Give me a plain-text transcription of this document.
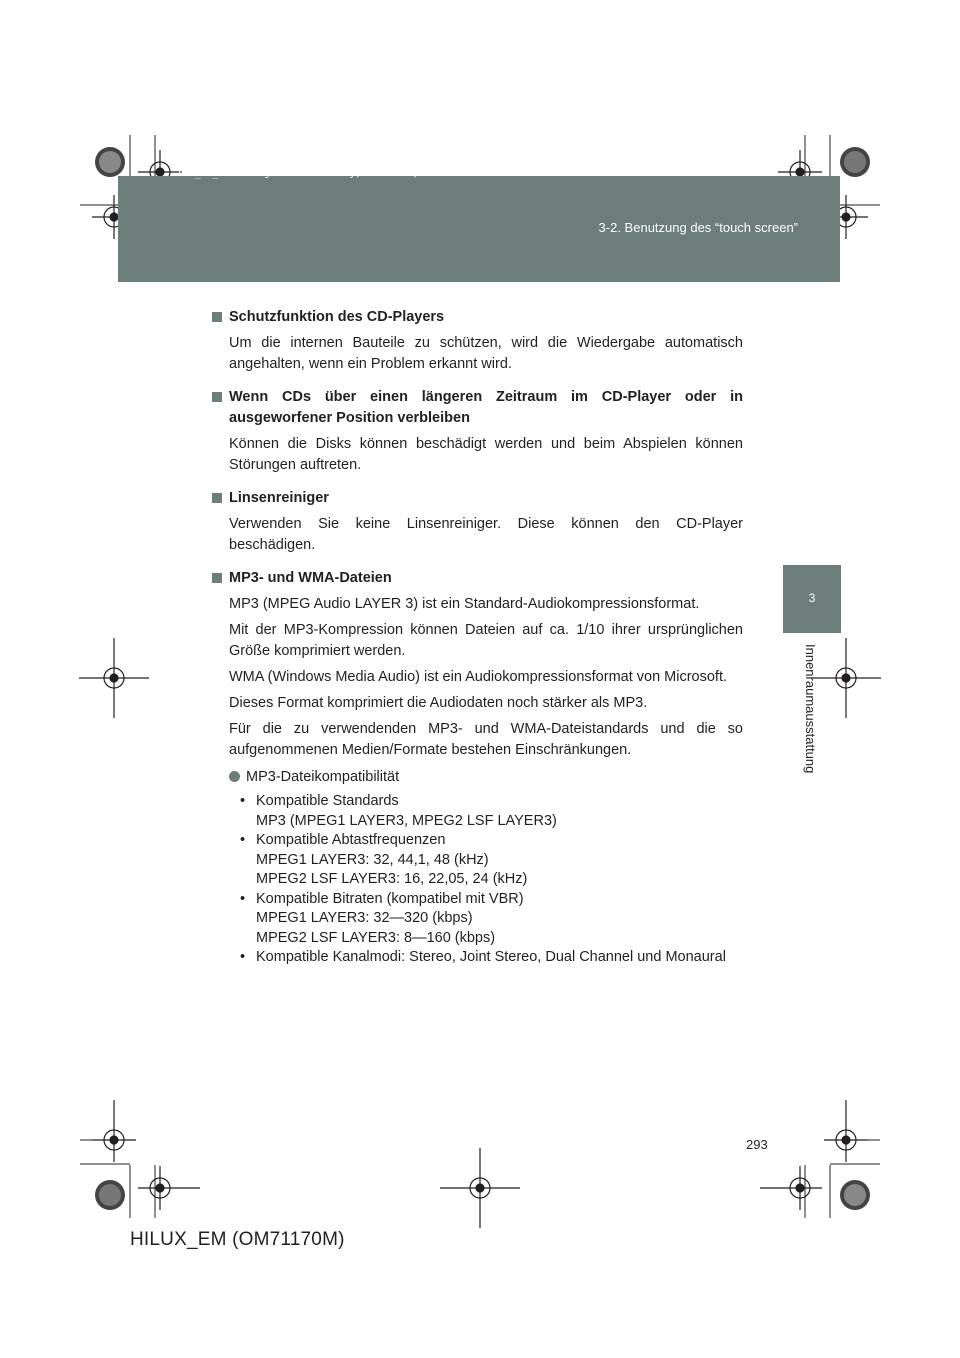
sec_03_02.fm Page 293 Wednesday, March 30, 2011 6:43 PM
3-2. Benutzung des “touch screen”
3
Innenraumausstattung

Schutzfunktion des CD-Players

Um die internen Bauteile zu schützen, wird die Wiedergabe automatisch angehalten, wenn ein Problem erkannt wird.

Wenn CDs über einen längeren Zeitraum im CD-Player oder in ausgeworfener Position verbleiben

Können die Disks können beschädigt werden und beim Abspielen können Störungen auftreten.

Linsenreiniger

Verwenden Sie keine Linsenreiniger. Diese können den CD-Player beschädigen.

MP3- und WMA-Dateien

MP3 (MPEG Audio LAYER 3) ist ein Standard-Audiokompressionsformat.

Mit der MP3-Kompression können Dateien auf ca. 1/10 ihrer ursprünglichen Größe komprimiert werden.

WMA (Windows Media Audio) ist ein Audiokompressionsformat von Microsoft.

Dieses Format komprimiert die Audiodaten noch stärker als MP3.

Für die zu verwendenden MP3- und WMA-Dateistandards und die so aufgenommenen Medien/Formate bestehen Einschränkungen.

MP3-Dateikompatibilität
• Kompatible Standards
MP3 (MPEG1 LAYER3, MPEG2 LSF LAYER3)
• Kompatible Abtastfrequenzen
MPEG1 LAYER3: 32, 44,1, 48 (kHz)
MPEG2 LSF LAYER3: 16, 22,05, 24 (kHz)
• Kompatible Bitraten (kompatibel mit VBR)
MPEG1 LAYER3: 32—320 (kbps)
MPEG2 LSF LAYER3: 8—160 (kbps)
• Kompatible Kanalmodi: Stereo, Joint Stereo, Dual Channel und Monaural
293
HILUX_EM (OM71170M)
